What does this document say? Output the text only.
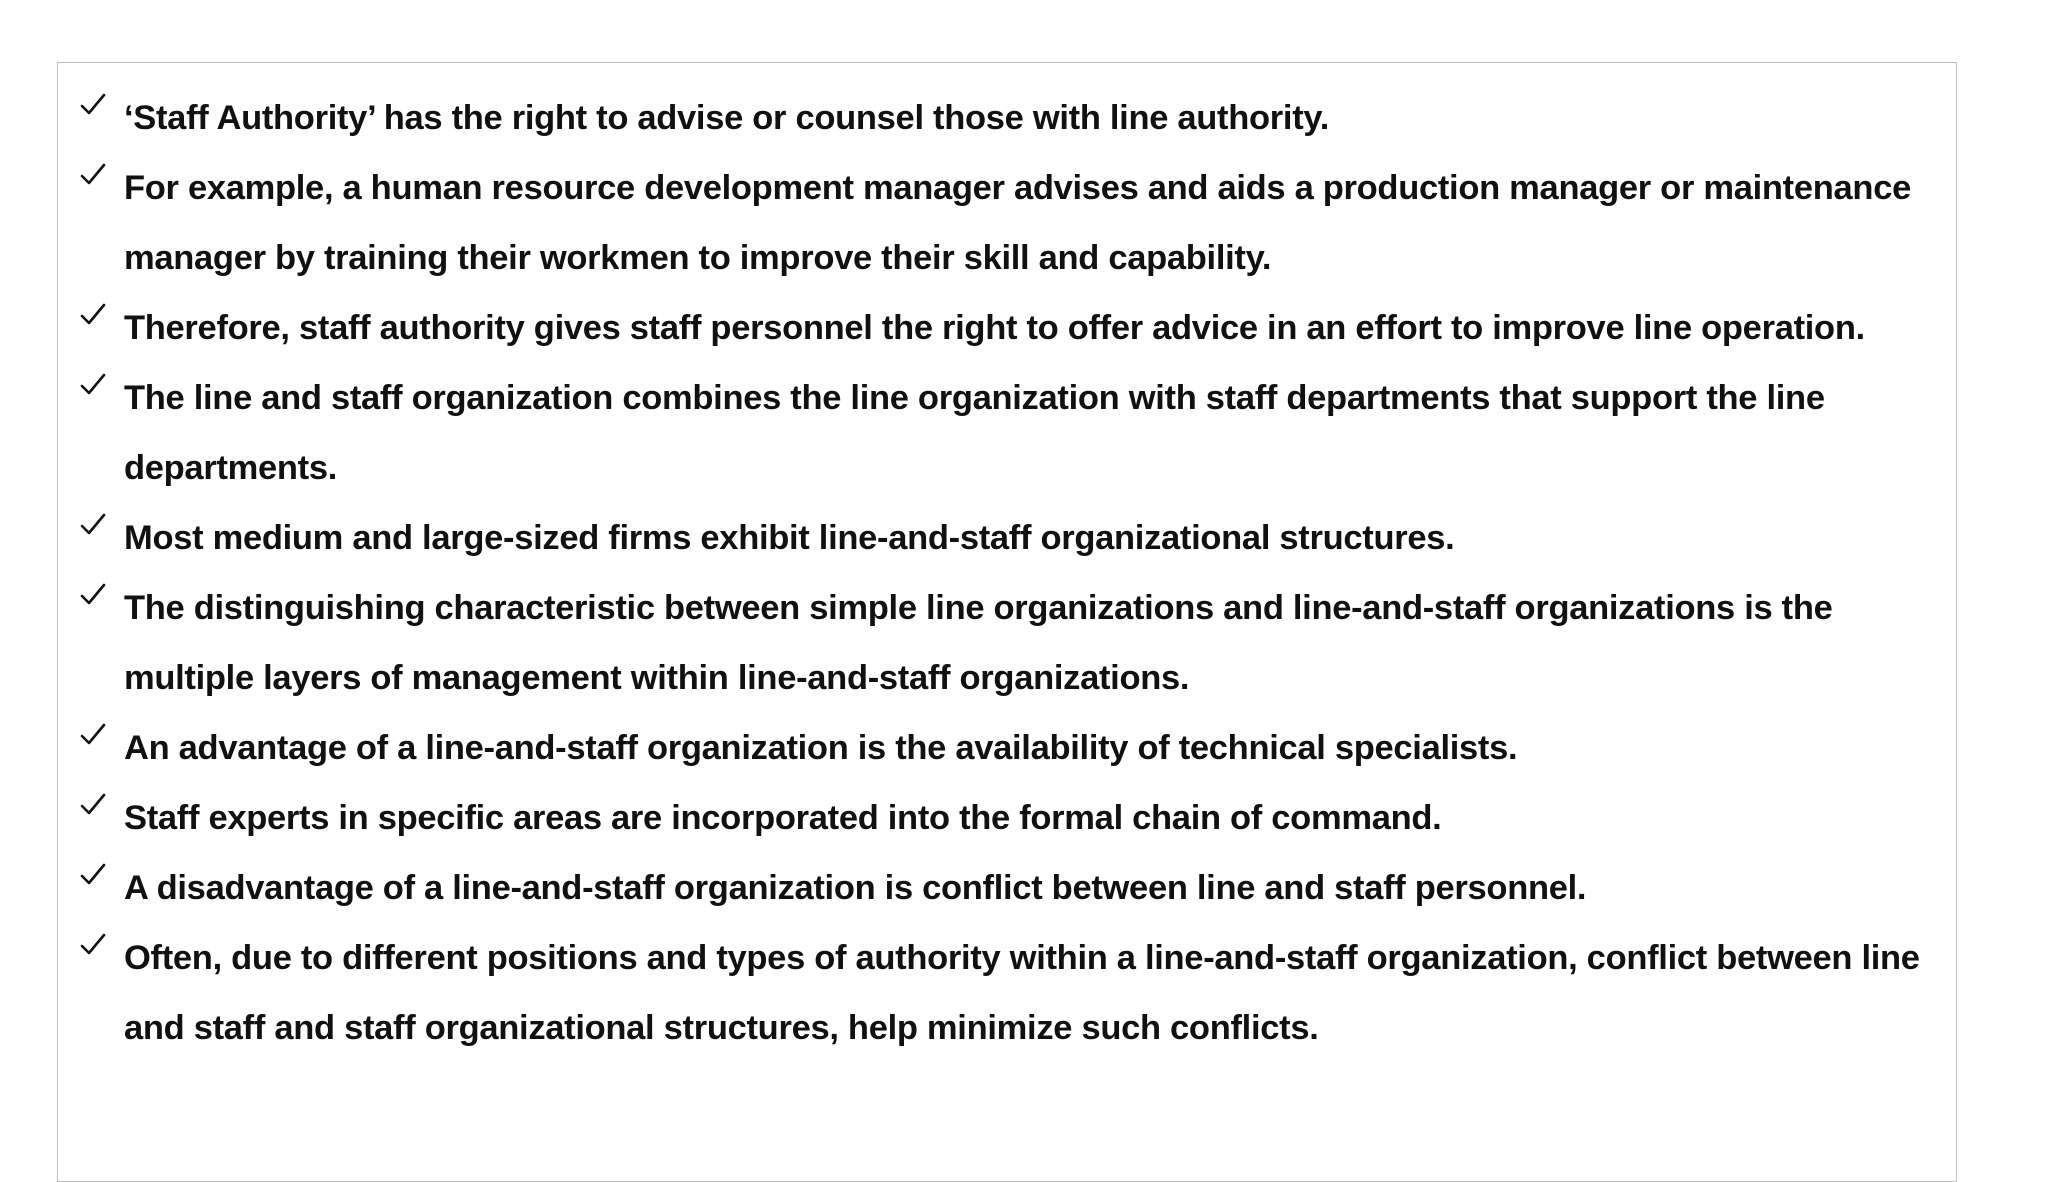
‘Staff Authority’ has the right to advise or counsel those with line authority.
For example, a human resource development manager advises and aids a production manager or maintenance manager by training their workmen to improve their skill and capability.
Therefore, staff authority gives staff personnel the right to offer advice in an effort to improve line operation.
The line and staff organization combines the line organization with staff departments that support the line departments.
Most medium and large-sized firms exhibit line-and-staff organizational structures.
The distinguishing characteristic between simple line organizations and line-and-staff organizations is the multiple layers of management within line-and-staff organizations.
An advantage of a line-and-staff organization is the availability of technical specialists.
Staff experts in specific areas are incorporated into the formal chain of command.
A disadvantage of a line-and-staff organization is conflict between line and staff personnel.
Often, due to different positions and types of authority within a line-and-staff organization, conflict between line and staff and staff organizational structures, help minimize such conflicts.
